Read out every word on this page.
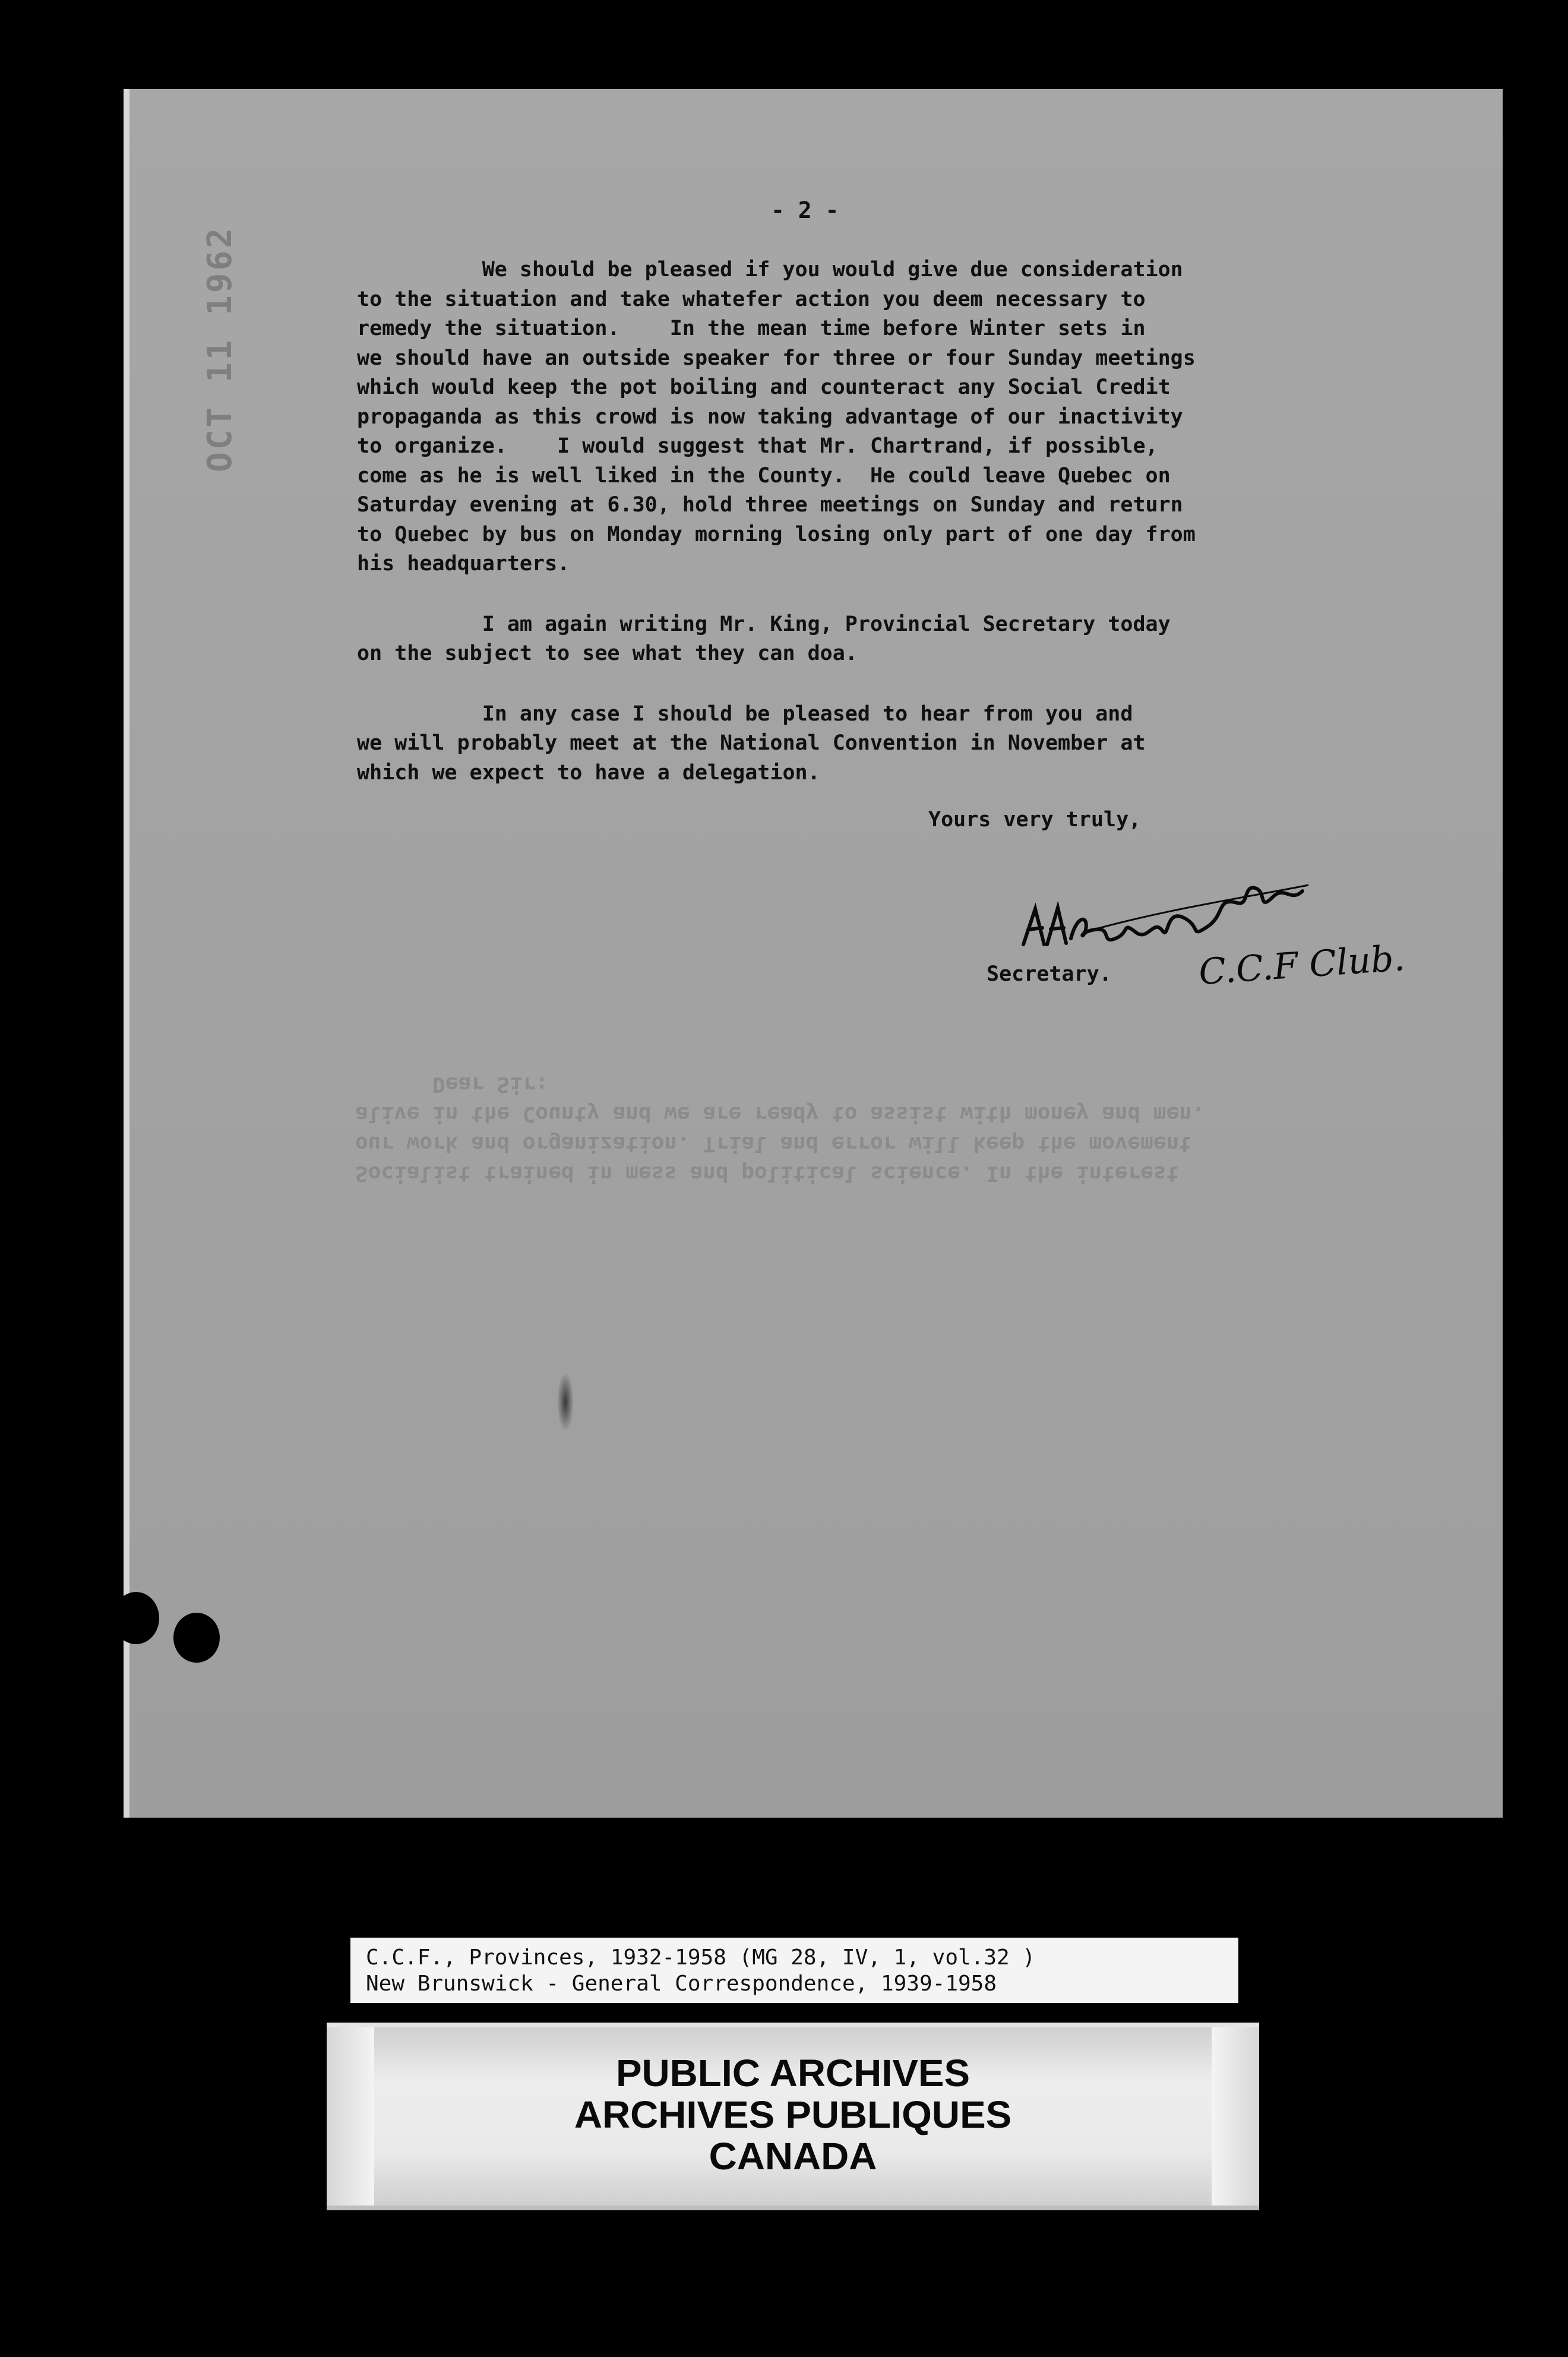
OCT 11 1962
Socialist trained in mess and political science. In the interest
our work and organization. Trial and error will keep the movement
alive in the County and we are ready to assist with money and men.
Dear Sir:
- 2 -

We should be pleased if you would give due consideration
to the situation and take whatefer action you deem necessary to
remedy the situation.    In the mean time before Winter sets in
we should have an outside speaker for three or four Sunday meetings
which would keep the pot boiling and counteract any Social Credit
propaganda as this crowd is now taking advantage of our inactivity
to organize.    I would suggest that Mr. Chartrand, if possible,
come as he is well liked in the County.  He could leave Quebec on
Saturday evening at 6.30, hold three meetings on Sunday and return
to Quebec by bus on Monday morning losing only part of one day from
his headquarters.

I am again writing Mr. King, Provincial Secretary today
on the subject to see what they can doa.

In any case I should be pleased to hear from you and
we will probably meet at the National Convention in November at
which we expect to have a delegation.

Yours very truly,
Secretary. C.C.F Club.
C.C.F., Provinces, 1932-1958 (MG 28, IV, 1, vol.32 )
New Brunswick - General Correspondence, 1939-1958
PUBLIC ARCHIVES
ARCHIVES PUBLIQUES
CANADA
